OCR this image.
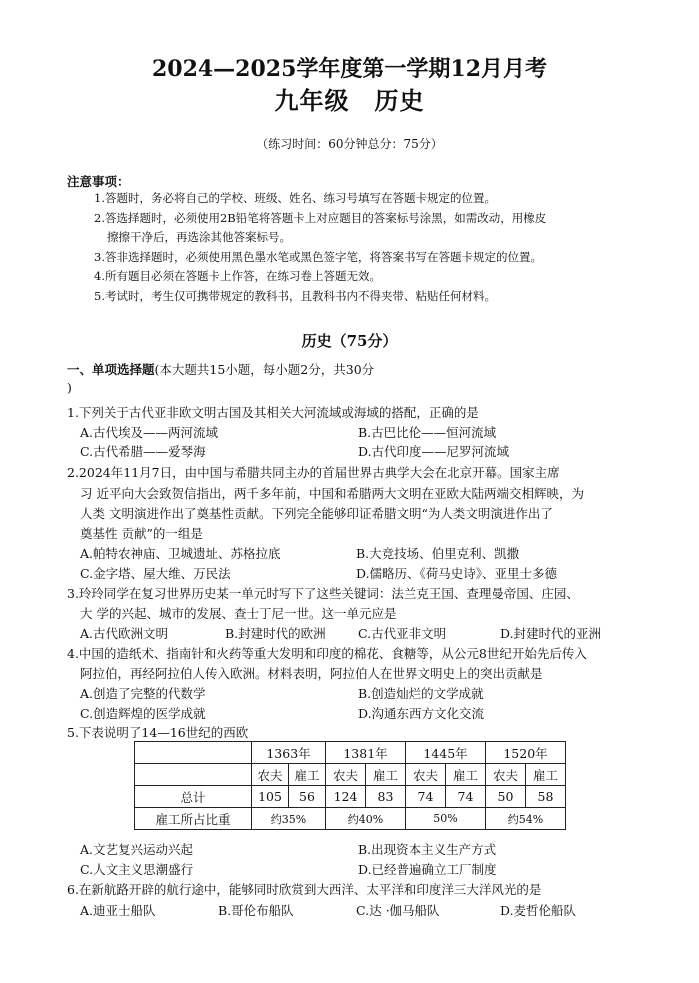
2024—2025学年度第一学期12月月考
九年级　历史
（练习时间：60分钟总分：75分）
注意事项：
1.答题时，务必将自己的学校、班级、姓名、练习号填写在答题卡规定的位置。
2.答选择题时，必须使用2B铅笔将答题卡上对应题目的答案标号涂黑，如需改动，用橡皮
擦擦干净后，再选涂其他答案标号。
3.答非选择题时，必须使用黑色墨水笔或黑色签字笔，将答案书写在答题卡规定的位置。
4.所有题目必须在答题卡上作答，在练习卷上答题无效。
5.考试时，考生仅可携带规定的教科书，且教科书内不得夹带、粘贴任何材料。
历史（75分）
一、单项选择题(本大题共15小题，每小题2分，共30分
)
1.下列关于古代亚非欧文明古国及其相关大河流域或海域的搭配，正确的是
A.古代埃及——两河流域	B.古巴比伦——恒河流域
C.古代希腊——爱琴海	D.古代印度——尼罗河流域
2.2024年11月7日，由中国与希腊共同主办的首届世界古典学大会在北京开幕。国家主席
习 近平向大会致贺信指出，两千多年前，中国和希腊两大文明在亚欧大陆两端交相辉映，为
人类 文明演进作出了奠基性贡献。下列完全能够印证希腊文明“为人类文明演进作出了
奠基性 贡献”的一组是
A.帕特农神庙、卫城遗址、苏格拉底	B.大竞技场、伯里克利、凯撒
C.金字塔、屋大维、万民法	D.儒略历、《荷马史诗》、亚里士多德
3.玲玲同学在复习世界历史某一单元时写下了这些关键词：法兰克王国、查理曼帝国、庄园、
大 学的兴起、城市的发展、查士丁尼一世。这一单元应是
A.古代欧洲文明	B.封建时代的欧洲	C.古代亚非文明	D.封建时代的亚洲
4.中国的造纸术、指南针和火药等重大发明和印度的棉花、食糖等，从公元8世纪开始先后传入
阿拉伯，再经阿拉伯人传入欧洲。材料表明，阿拉伯人在世界文明史上的突出贡献是
A.创造了完整的代数学	B.创造灿烂的文学成就
C.创造辉煌的医学成就	D.沟通东西方文化交流
5.下表说明了14—16世纪的西欧
	1363年		1381年		1445年		1520年	
	农夫	雇工	农夫	雇工	农夫	雇工	农夫	雇工
总计	105	56	124	83	74	74	50	58
雇工所占比重	约35%		约40%		50%		约54%	
A.文艺复兴运动兴起	B.出现资本主义生产方式
C.人文主义思潮盛行	D.已经普遍确立工厂制度
6.在新航路开辟的航行途中，能够同时欣赏到大西洋、太平洋和印度洋三大洋风光的是
A.迪亚士船队	B.哥伦布船队	C.达 ·伽马船队	D.麦哲伦船队
